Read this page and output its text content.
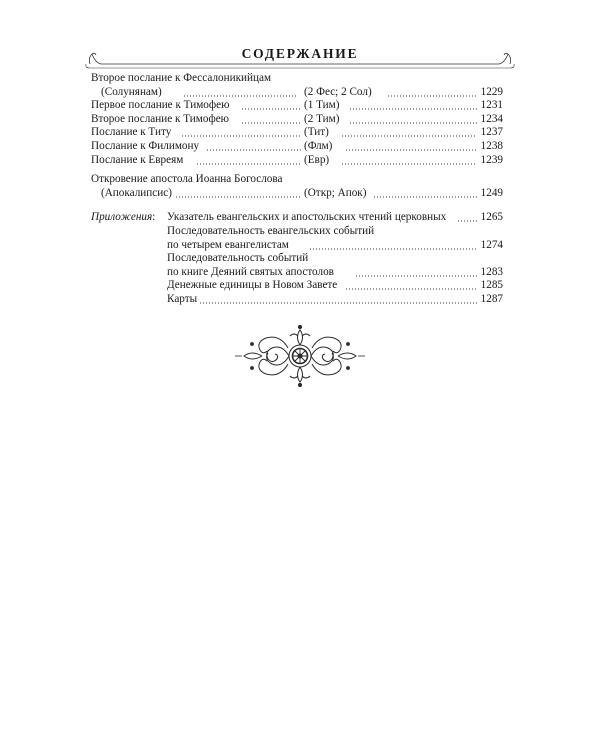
СОДЕРЖАНИЕ
Второе послание к Фессалоникийцам
(Солунянам)	(2 Фес; 2 Сол)	1229
Первое послание к Тимофею	(1 Тим)	1231
Второе послание к Тимофею	(2 Тим)	1234
Послание к Титу	(Тит)	1237
Послание к Филимону	(Флм)	1238
Послание к Евреям	(Евр)	1239
Откровение апостола Иоанна Богослова
(Апокалипсис)	(Откр; Апок)	1249
Приложения: Указатель евангельских и апостольских чтений церковных	1265
Последовательность евангельских событий
по четырем евангелистам	1274
Последовательность событий
по книге Деяний святых апостолов	1283
Денежные единицы в Новом Завете	1285
Карты	1287
